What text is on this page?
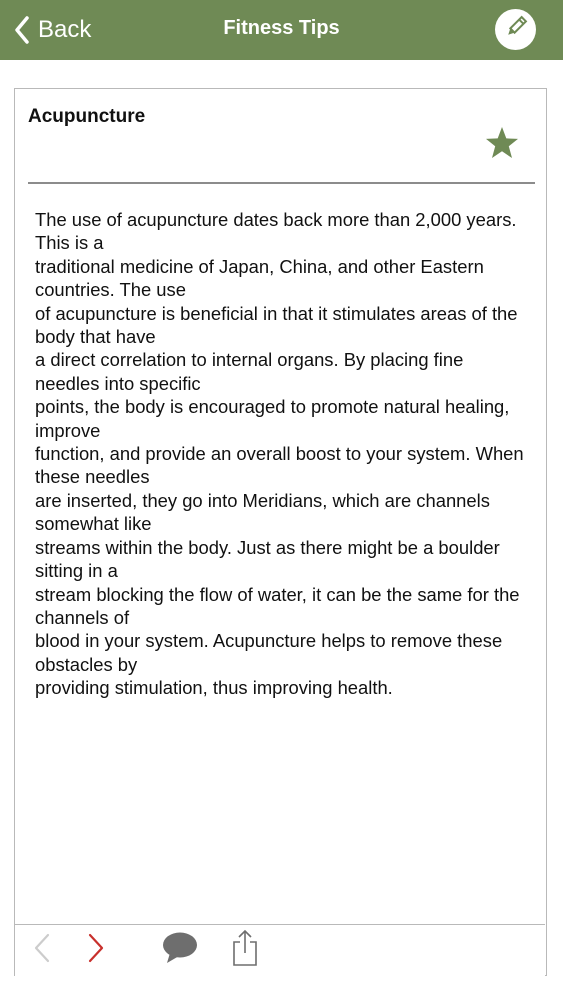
Back	Fitness Tips
Acupuncture

The use of acupuncture dates back more than 2,000 years. This is a
traditional medicine of Japan, China, and other Eastern countries. The use
of acupuncture is beneficial in that it stimulates areas of the body that have
a direct correlation to internal organs. By placing fine needles into specific
points, the body is encouraged to promote natural healing, improve
function, and provide an overall boost to your system. When these needles
are inserted, they go into Meridians, which are channels somewhat like
streams within the body. Just as there might be a boulder sitting in a
stream blocking the flow of water, it can be the same for the channels of
blood in your system. Acupuncture helps to remove these obstacles by
providing stimulation, thus improving health.
